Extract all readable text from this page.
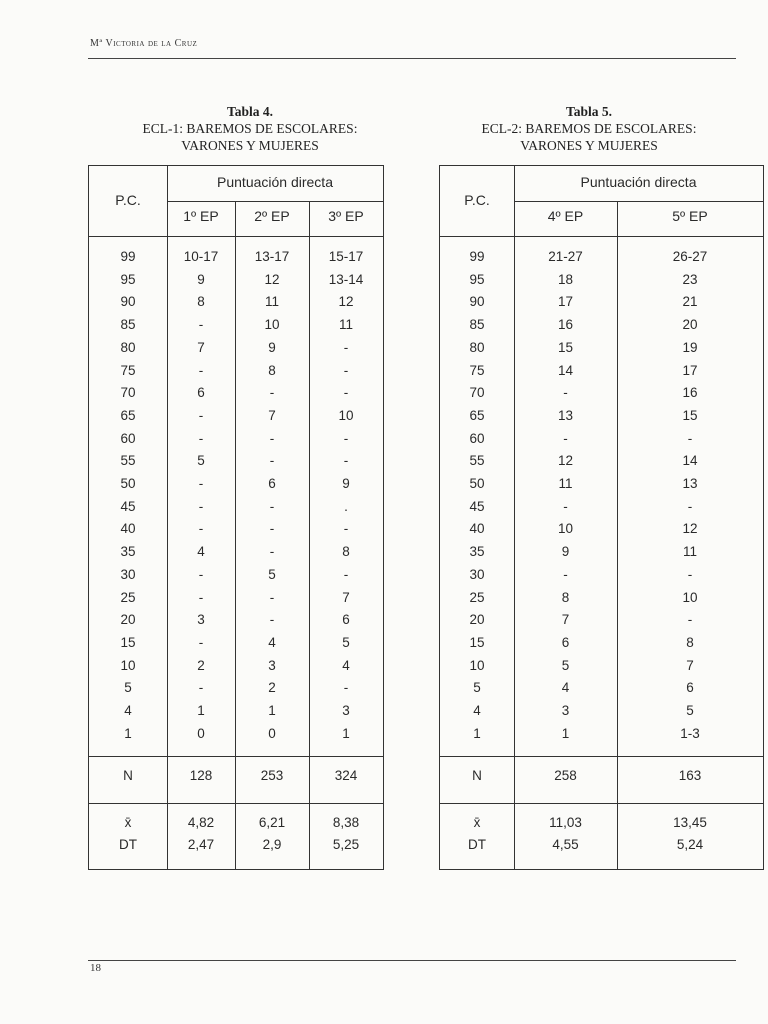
Mª Victoria de la Cruz
Tabla 4.
ECL-1: BAREMOS DE ESCOLARES:
VARONES Y MUJERES
Tabla 5.
ECL-2: BAREMOS DE ESCOLARES:
VARONES Y MUJERES
P.C.
Puntuación directa
1º EP	2º EP	3º EP
99	10-17	13-17	15-17
95	9	12	13-14
90	8	11	12
85	-	10	11
80	7	9	-
75	-	8	-
70	6	-	-
65	-	7	10
60	-	-	-
55	5	-	-
50	-	6	9
45	-	-	.
40	-	-	-
35	4	-	8
30	-	5	-
25	-	-	7
20	3	-	6
15	-	4	5
10	2	3	4
5	-	2	-
4	1	1	3
1	0	0	1
N	128	253	324
x̄	4,82	6,21	8,38
DT	2,47	2,9	5,25
P.C.
Puntuación directa
4º EP	5º EP
99	21-27	26-27
95	18	23
90	17	21
85	16	20
80	15	19
75	14	17
70	-	16
65	13	15
60	-	-
55	12	14
50	11	13
45	-	-
40	10	12
35	9	11
30	-	-
25	8	10
20	7	-
15	6	8
10	5	7
5	4	6
4	3	5
1	1	1-3
N	258	163
x̄	11,03	13,45
DT	4,55	5,24
18
